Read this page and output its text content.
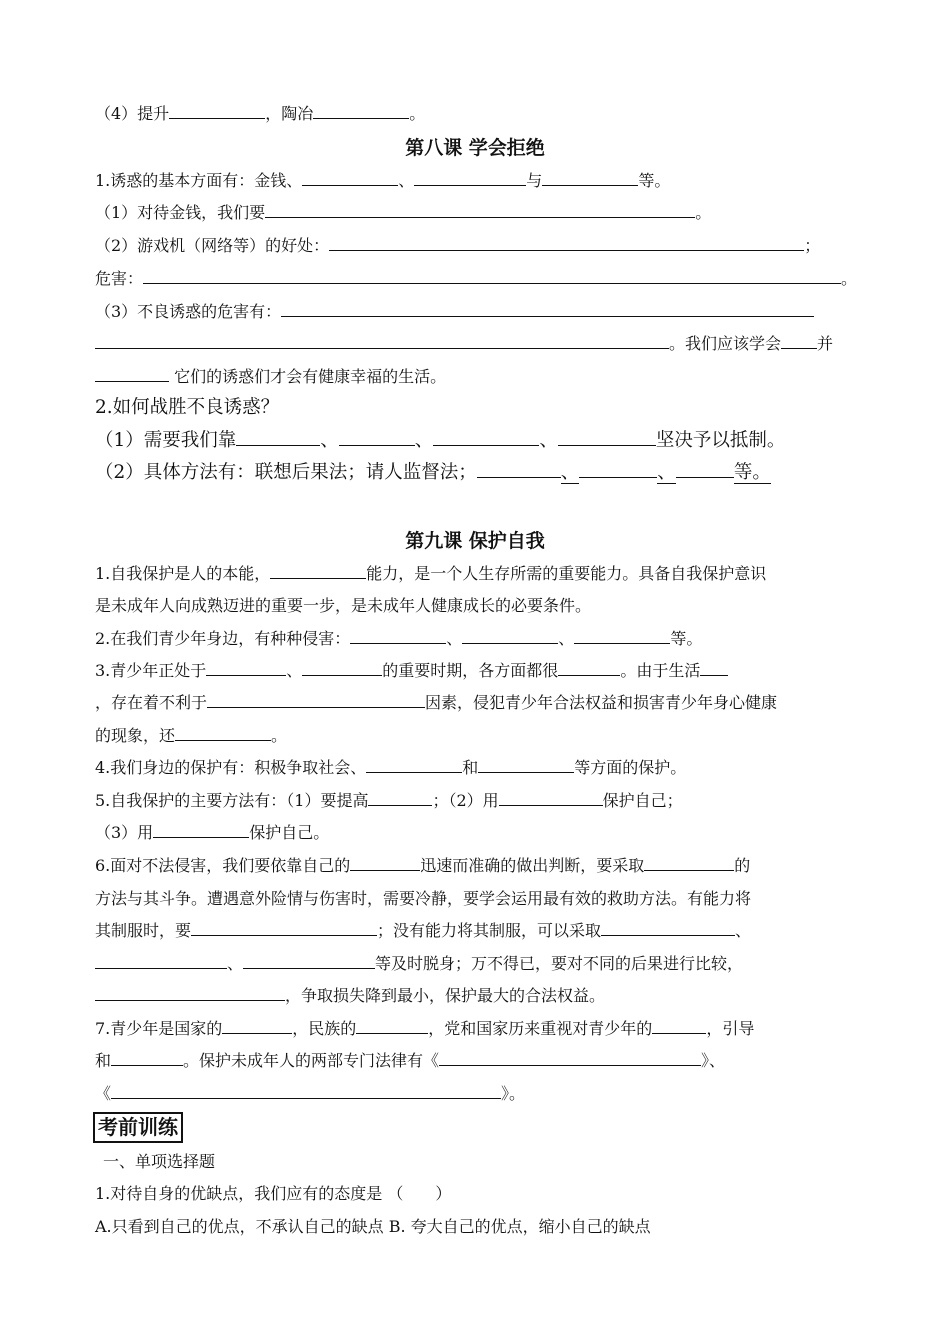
（4）提升	，陶冶	。
第八课 学会拒绝
1.诱惑的基本方面有：金钱、	、	与	等。
（1）对待金钱，我们要	。
（2）游戏机（网络等）的好处：	；
危害：	。
（3）不良诱惑的危害有：
。我们应该学会 并
它们的诱惑们才会有健康幸福的生活。
2.如何战胜不良诱惑？
（1）需要我们靠	、	、	、	坚决予以抵制。
（2）具体方法有：联想后果法；请人监督法；	、	、	等。
第九课 保护自我
1.自我保护是人的本能，	能力，是一个人生存所需的重要能力。具备自我保护意识
是未成年人向成熟迈进的重要一步，是未成年人健康成长的必要条件。
2.在我们青少年身边，有种种侵害：	、	、	等。
3.青少年正处于	、	的重要时期，各方面都很	。由于生活
，存在着不利于	因素，侵犯青少年合法权益和损害青少年身心健康
的现象，还	。
4.我们身边的保护有：积极争取社会、	和	等方面的保护。
5.自我保护的主要方法有：（1）要提高	；（2）用	保护自己；
（3）用	保护自己。
6.面对不法侵害，我们要依靠自己的	迅速而准确的做出判断，要采取	的
方法与其斗争。遭遇意外险情与伤害时，需要冷静，要学会运用最有效的救助方法。有能力将
其制服时，要	；没有能力将其制服，可以采取	、
、	等及时脱身；万不得已，要对不同的后果进行比较，
，争取损失降到最小，保护最大的合法权益。
7.青少年是国家的	，民族的	，党和国家历来重视对青少年的	，引导
和	。保护未成年人的两部专门法律有《	》、
《	》。
考前训练
一、单项选择题
1.对待自身的优缺点，我们应有的态度是 （　　）
A.只看到自己的优点，不承认自己的缺点 B. 夸大自己的优点，缩小自己的缺点
